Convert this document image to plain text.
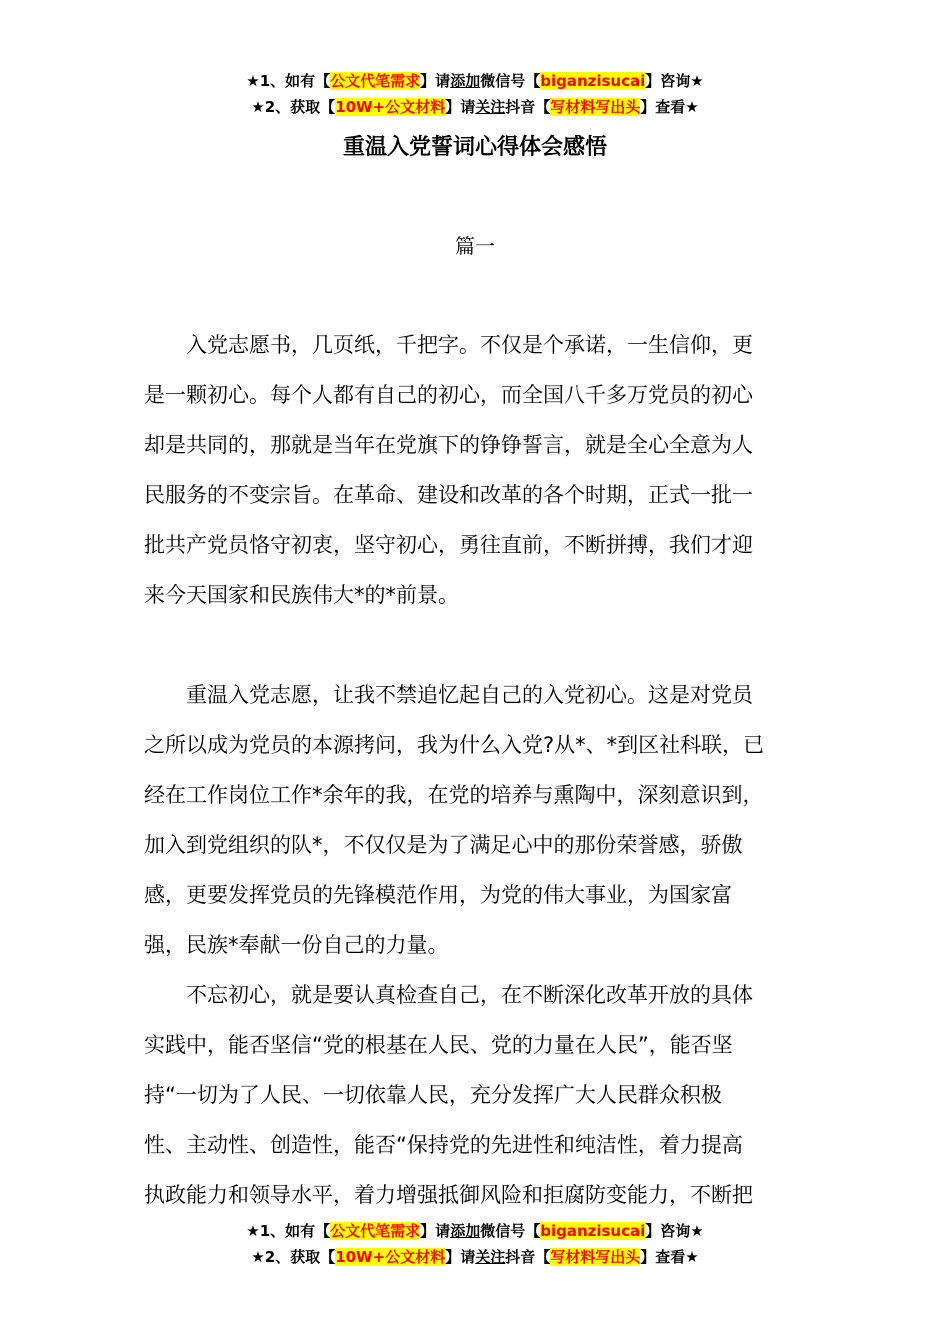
★1、如有【公文代笔需求】请添加微信号【biganzisucai】咨询★
★2、获取【10W+公文材料】请关注抖音【写材料写出头】查看★
重温入党誓词心得体会感悟
篇一
　　入党志愿书，几页纸，千把字。不仅是个承诺，一生信仰，更
是一颗初心。每个人都有自己的初心，而全国八千多万党员的初心
却是共同的，那就是当年在党旗下的铮铮誓言，就是全心全意为人
民服务的不变宗旨。在革命、建设和改革的各个时期，正式一批一
批共产党员恪守初衷，坚守初心，勇往直前，不断拼搏，我们才迎
来今天国家和民族伟大*的*前景。
　　重温入党志愿，让我不禁追忆起自己的入党初心。这是对党员
之所以成为党员的本源拷问，我为什么入党?从*、*到区社科联，已
经在工作岗位工作*余年的我，在党的培养与熏陶中，深刻意识到，
加入到党组织的队*，不仅仅是为了满足心中的那份荣誉感，骄傲
感，更要发挥党员的先锋模范作用，为党的伟大事业，为国家富
强，民族*奉献一份自己的力量。
　　不忘初心，就是要认真检查自己，在不断深化改革开放的具体
实践中，能否坚信“党的根基在人民、党的力量在人民”，能否坚
持“一切为了人民、一切依靠人民，充分发挥广大人民群众积极
性、主动性、创造性，能否“保持党的先进性和纯洁性，着力提高
执政能力和领导水平，着力增强抵御风险和拒腐防变能力，不断把
★1、如有【公文代笔需求】请添加微信号【biganzisucai】咨询★
★2、获取【10W+公文材料】请关注抖音【写材料写出头】查看★
